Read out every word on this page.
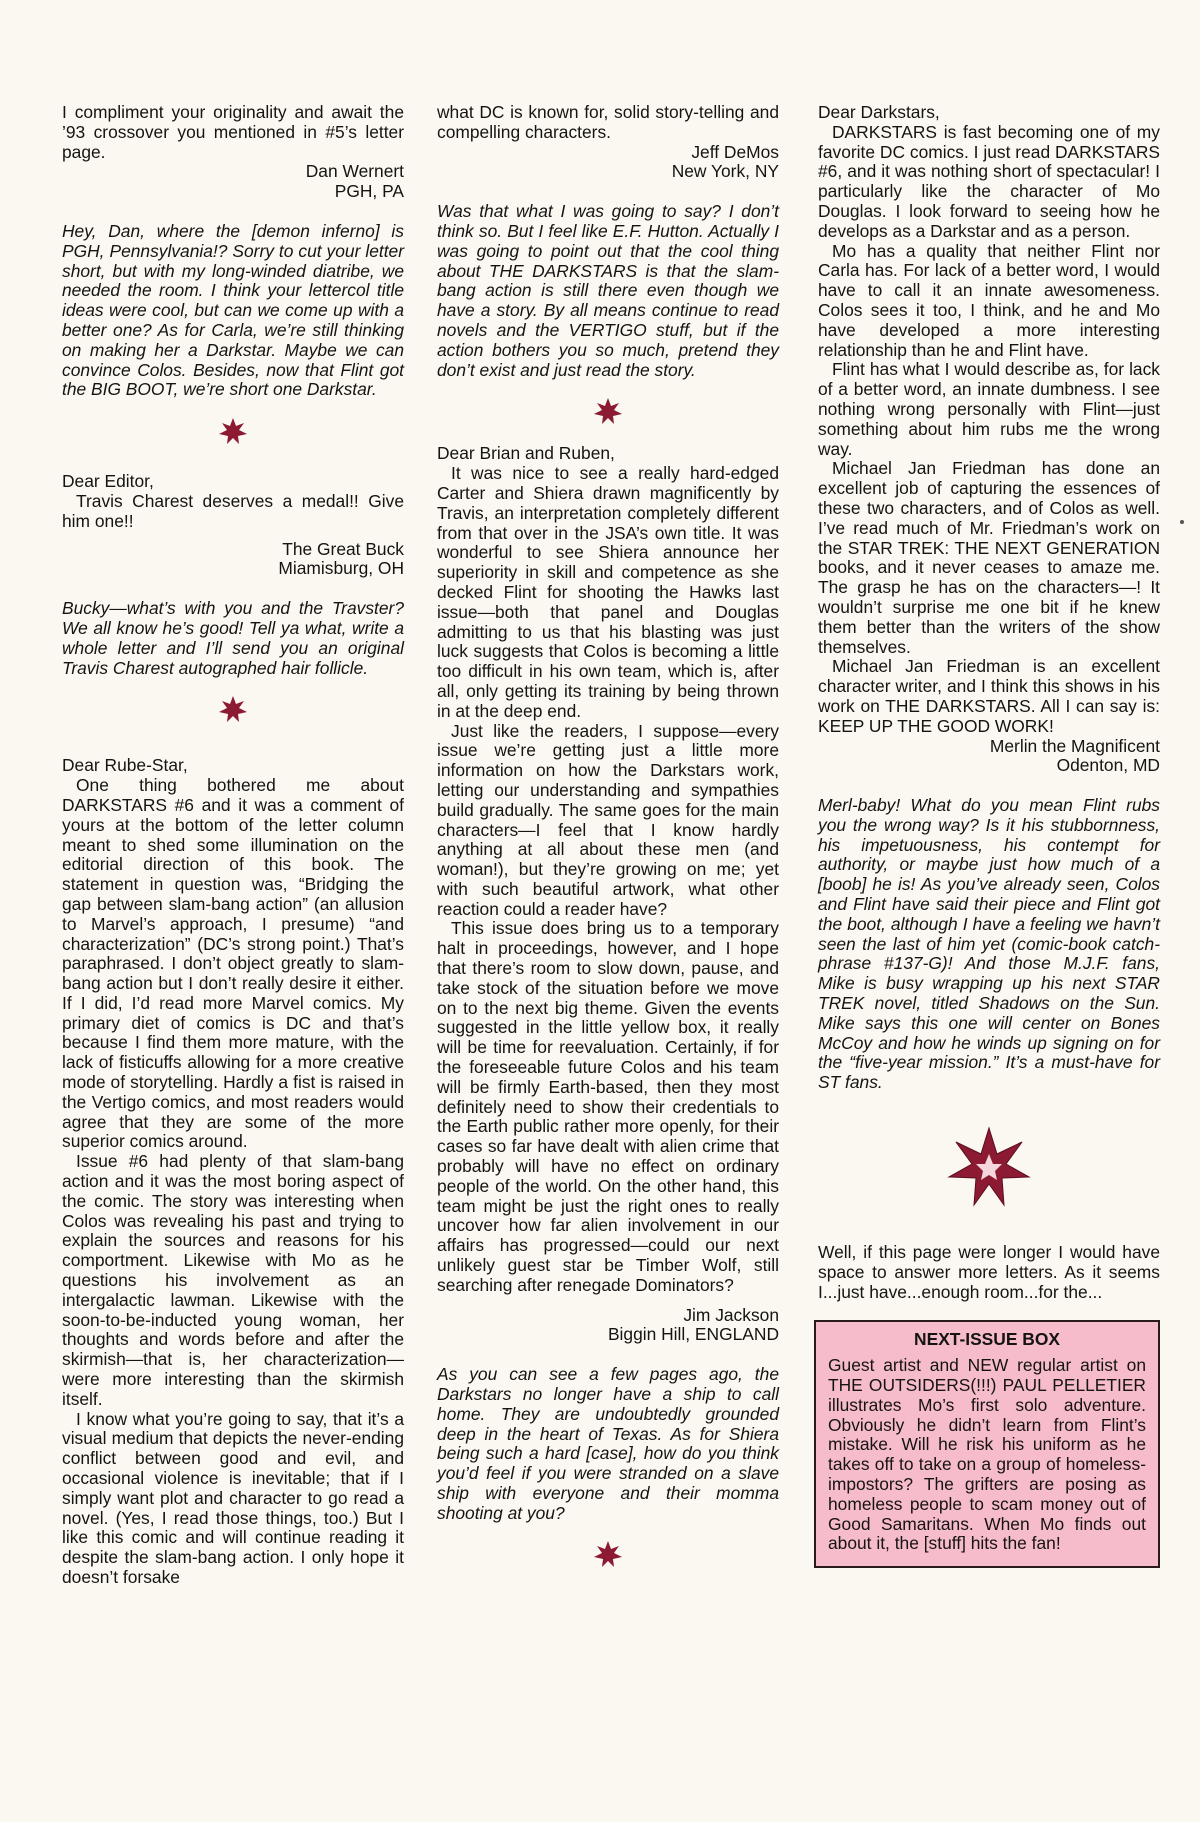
I compliment your originality and await the ’93 crossover you mentioned in #5’s letter page.

Dan Wernert

PGH, PA

Hey, Dan, where the [demon inferno] is PGH, Pennsylvania!? Sorry to cut your letter short, but with my long-winded diatribe, we needed the room. I think your lettercol title ideas were cool, but can we come up with a better one? As for Carla, we’re still thinking on making her a Darkstar. Maybe we can convince Colos. Besides, now that Flint got the BIG BOOT, we’re short one Darkstar.

Dear Editor,

Travis Charest deserves a medal!! Give him one!!

The Great Buck

Miamisburg, OH

Bucky—what’s with you and the Travster? We all know he’s good! Tell ya what, write a whole letter and I’ll send you an original Travis Charest autographed hair follicle.

Dear Rube-Star,

One thing bothered me about DARKSTARS #6 and it was a comment of yours at the bottom of the letter column meant to shed some illumination on the editorial direction of this book. The statement in question was, “Bridging the gap between slam-bang action” (an allusion to Marvel’s approach, I presume) “and characterization” (DC’s strong point.) That’s paraphrased. I don’t object greatly to slam-bang action but I don’t really desire it either. If I did, I’d read more Marvel comics. My primary diet of comics is DC and that’s because I find them more mature, with the lack of fisticuffs allowing for a more creative mode of storytelling. Hardly a fist is raised in the Vertigo comics, and most readers would agree that they are some of the more superior comics around.

Issue #6 had plenty of that slam-bang action and it was the most boring aspect of the comic. The story was interesting when Colos was revealing his past and trying to explain the sources and reasons for his comportment. Likewise with Mo as he questions his involvement as an intergalactic lawman. Likewise with the soon-to-be-inducted young woman, her thoughts and words before and after the skirmish—that is, her characterization—were more interesting than the skirmish itself.

I know what you’re going to say, that it’s a visual medium that depicts the never-ending conflict between good and evil, and occasional violence is inevitable; that if I simply want plot and character to go read a novel. (Yes, I read those things, too.) But I like this comic and will continue reading it despite the slam-bang action. I only hope it doesn’t forsake

what DC is known for, solid story-telling and compelling characters.

Jeff DeMos

New York, NY

Was that what I was going to say? I don’t think so. But I feel like E.F. Hutton. Actually I was going to point out that the cool thing about THE DARKSTARS is that the slam-bang action is still there even though we have a story. By all means continue to read novels and the VERTIGO stuff, but if the action bothers you so much, pretend they don’t exist and just read the story.

Dear Brian and Ruben,

It was nice to see a really hard-edged Carter and Shiera drawn magnificently by Travis, an interpretation completely different from that over in the JSA’s own title. It was wonderful to see Shiera announce her superiority in skill and competence as she decked Flint for shooting the Hawks last issue—both that panel and Douglas admitting to us that his blasting was just luck suggests that Colos is becoming a little too difficult in his own team, which is, after all, only getting its training by being thrown in at the deep end.

Just like the readers, I suppose—every issue we’re getting just a little more information on how the Darkstars work, letting our understanding and sympathies build gradually. The same goes for the main characters—I feel that I know hardly anything at all about these men (and woman!), but they’re growing on me; yet with such beautiful artwork, what other reaction could a reader have?

This issue does bring us to a temporary halt in proceedings, however, and I hope that there’s room to slow down, pause, and take stock of the situation before we move on to the next big theme. Given the events suggested in the little yellow box, it really will be time for reevaluation. Certainly, if for the foreseeable future Colos and his team will be firmly Earth-based, then they most definitely need to show their credentials to the Earth public rather more openly, for their cases so far have dealt with alien crime that probably will have no effect on ordinary people of the world. On the other hand, this team might be just the right ones to really uncover how far alien involvement in our affairs has progressed—could our next unlikely guest star be Timber Wolf, still searching after renegade Dominators?

Jim Jackson

Biggin Hill, ENGLAND

As you can see a few pages ago, the Darkstars no longer have a ship to call home. They are undoubtedly grounded deep in the heart of Texas. As for Shiera being such a hard [case], how do you think you’d feel if you were stranded on a slave ship with everyone and their momma shooting at you?

Dear Darkstars,

DARKSTARS is fast becoming one of my favorite DC comics. I just read DARKSTARS #6, and it was nothing short of spectacular! I particularly like the character of Mo Douglas. I look forward to seeing how he develops as a Darkstar and as a person.

Mo has a quality that neither Flint nor Carla has. For lack of a better word, I would have to call it an innate awesomeness. Colos sees it too, I think, and he and Mo have developed a more interesting relationship than he and Flint have.

Flint has what I would describe as, for lack of a better word, an innate dumbness. I see nothing wrong personally with Flint—just something about him rubs me the wrong way.

Michael Jan Friedman has done an excellent job of capturing the essences of these two characters, and of Colos as well. I’ve read much of Mr. Friedman’s work on the STAR TREK: THE NEXT GENERATION books, and it never ceases to amaze me. The grasp he has on the characters—! It wouldn’t surprise me one bit if he knew them better than the writers of the show themselves.

Michael Jan Friedman is an excellent character writer, and I think this shows in his work on THE DARKSTARS. All I can say is: KEEP UP THE GOOD WORK!

Merlin the Magnificent

Odenton, MD

Merl-baby! What do you mean Flint rubs you the wrong way? Is it his stubbornness, his impetuousness, his contempt for authority, or maybe just how much of a [boob] he is! As you’ve already seen, Colos and Flint have said their piece and Flint got the boot, although I have a feeling we havn’t seen the last of him yet (comic-book catch-phrase #137-G)! And those M.J.F. fans, Mike is busy wrapping up his next STAR TREK novel, titled Shadows on the Sun. Mike says this one will center on Bones McCoy and how he winds up signing on for the “five-year mission.” It’s a must-have for ST fans.

Well, if this page were longer I would have space to answer more letters. As it seems I...just have...enough room...for the...

NEXT-ISSUE BOX

Guest artist and NEW regular artist on THE OUTSIDERS(!!!) PAUL PELLETIER illustrates Mo’s first solo adventure. Obviously he didn’t learn from Flint’s mistake. Will he risk his uniform as he takes off to take on a group of homeless-impostors? The grifters are posing as homeless people to scam money out of Good Samaritans. When Mo finds out about it, the [stuff] hits the fan!
